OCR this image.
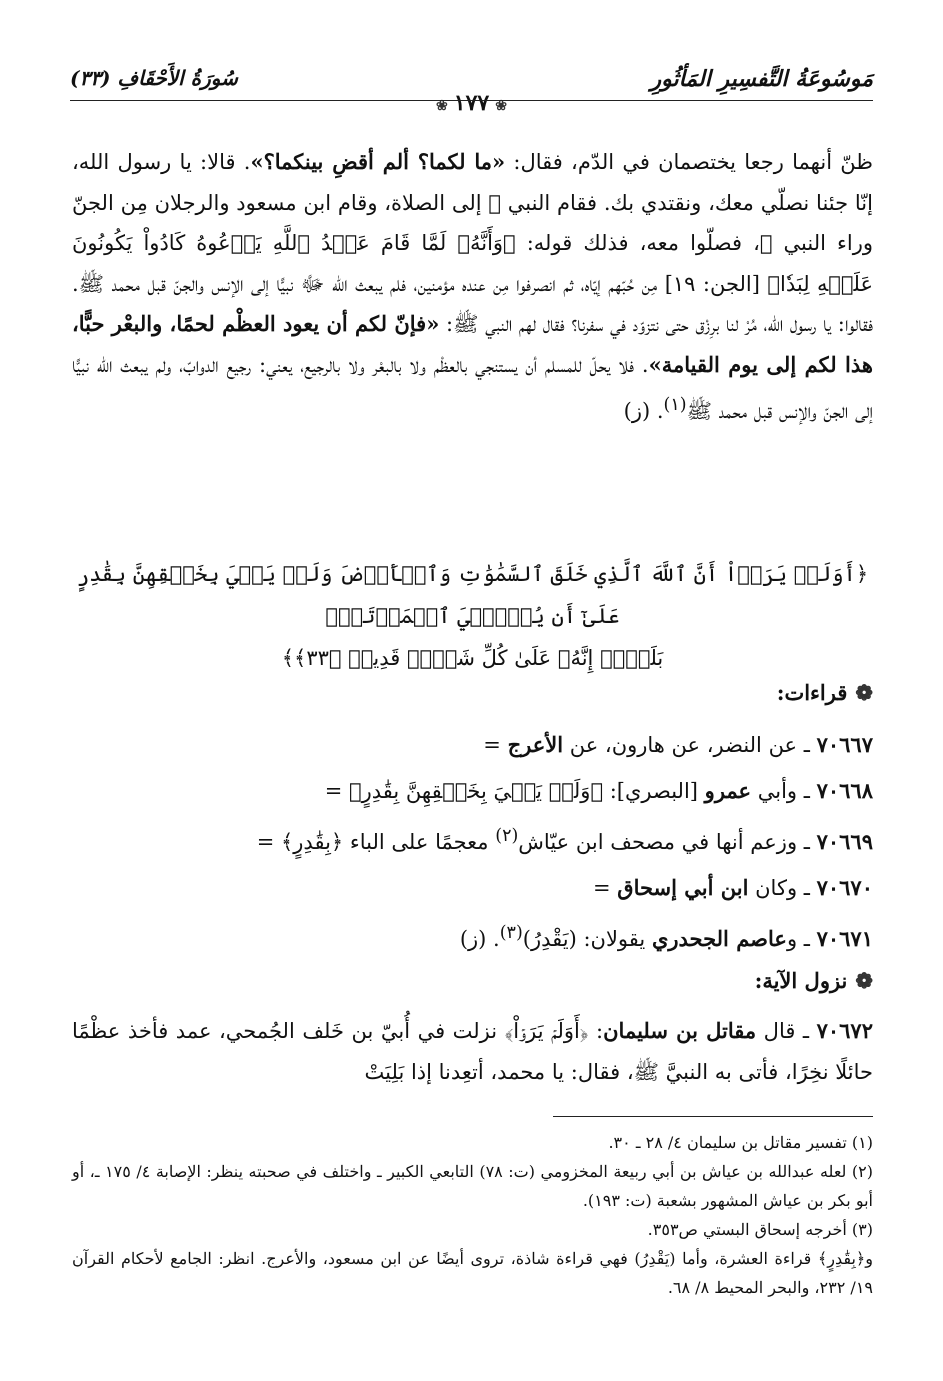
مَوسُوعَةُ التَّفسِيرِ المَأثُورِ
❀١٧٧❀
سُورَةُ الأَحْقَافِ (٣٣)
ظنّ أنهما رجعا يختصمان في الدّم، فقال: «ما لكما؟ ألم أقضِ بينكما؟». قالا: يا رسول الله، إنّا جئنا نصلّي معك، ونقتدي بك. فقام النبي ﷺ إلى الصلاة، وقام ابن مسعود والرجلان مِن الجنّ وراء النبي ﷺ، فصلّوا معه، فذلك قوله: ﴿وَأَنَّهُۥ لَمَّا قَامَ عَبۡدُ ٱللَّهِ يَدۡعُوهُ كَادُواْ يَكُونُونَ عَلَيۡهِ لِبَدٗا﴾ [الجن: ١٩] مِن حُبّهم إيّاه، ثم انصرفوا مِن عنده مؤمنين، فلم يبعث الله ﷻ نبيًّا إلى الإنس والجنّ قبل محمد ﷺ. فقالوا: يا رسول الله، مُرْ لنا برِزْق حتى نتزوّد في سفرنا؟ فقال لهم النبي ﷺ: «فإنّ لكم أن يعود العظْم لحمًا، والبعْر حبًّا، هذا لكم إلى يوم القيامة». فلا يحلّ للمسلم أن يستنجي بالعظْم ولا بالبعْر ولا بالرجيع، يعني: رجيع الدوابّ، ولم يبعث الله نبيًّا إلى الجنّ والإنس قبل محمد ﷺ$^{(١)}$. (ز)
﴿أَوَلَمۡ يَرَوۡاْ أَنَّ ٱللَّهَ ٱلَّذِي خَلَقَ ٱلسَّمَٰوَٰتِ وَٱلۡأَرۡضَ وَلَمۡ يَعۡيَ بِخَلۡقِهِنَّ بِقَٰدِرٍ عَلَىٰٓ أَن يُحۡـِۧيَ ٱلۡمَوۡتَىٰۚ
بَلَىٰٓۚ إِنَّهُۥ عَلَىٰ كُلِّ شَيۡءٖ قَدِيرٞ ﴿٣٣﴾﴾
❁قراءات:
٧٠٦٦٧ ـ عن النضر، عن هارون، عن الأعرج =
٧٠٦٦٨ ـ وأبي عمرو [البصري]: ﴿وَلَمۡ يَعۡيَ بِخَلۡقِهِنَّ بِقَٰدِرٍ﴾ =
٧٠٦٦٩ ـ وزعم أنها في مصحف ابن عيّاش$^{(٢)}$ معجمًا على الباء ﴿بِقَٰدِرٍ﴾ =
٧٠٦٧٠ ـ وكان ابن أبي إسحاق =
٧٠٦٧١ ـ وعاصم الجحدري يقولان: (يَقْدِرُ)$^{(٣)}$. (ز)
❁نزول الآية:
٧٠٦٧٢ ـ قال مقاتل بن سليمان: ﴿أَوَلَمۡ يَرَوۡاْ﴾ نزلت في أُبيّ بن خَلف الجُمحي، عمد فأخذ عظْمًا حائلًا نخِرًا، فأتى به النبيَّ ﷺ، فقال: يا محمد، أتعِدنا إذا بَلِيَتْ
(١) تفسير مقاتل بن سليمان ٤/ ٢٨ ـ ٣٠.
(٢) لعله عبدالله بن عياش بن أبي ربيعة المخزومي (ت: ٧٨) التابعي الكبير ـ واختلف في صحبته ينظر: الإصابة ٤/ ١٧٥ ـ، أو أبو بكر بن عياش المشهور بشعبة (ت: ١٩٣).
(٣) أخرجه إسحاق البستي ص٣٥٣.
و﴿بِقَٰدِرٍ﴾ قراءة العشرة، وأما (يَقْدِرُ) فهي قراءة شاذة، تروى أيضًا عن ابن مسعود، والأعرج. انظر: الجامع لأحكام القرآن ١٩/ ٢٣٢، والبحر المحيط ٨/ ٦٨.
